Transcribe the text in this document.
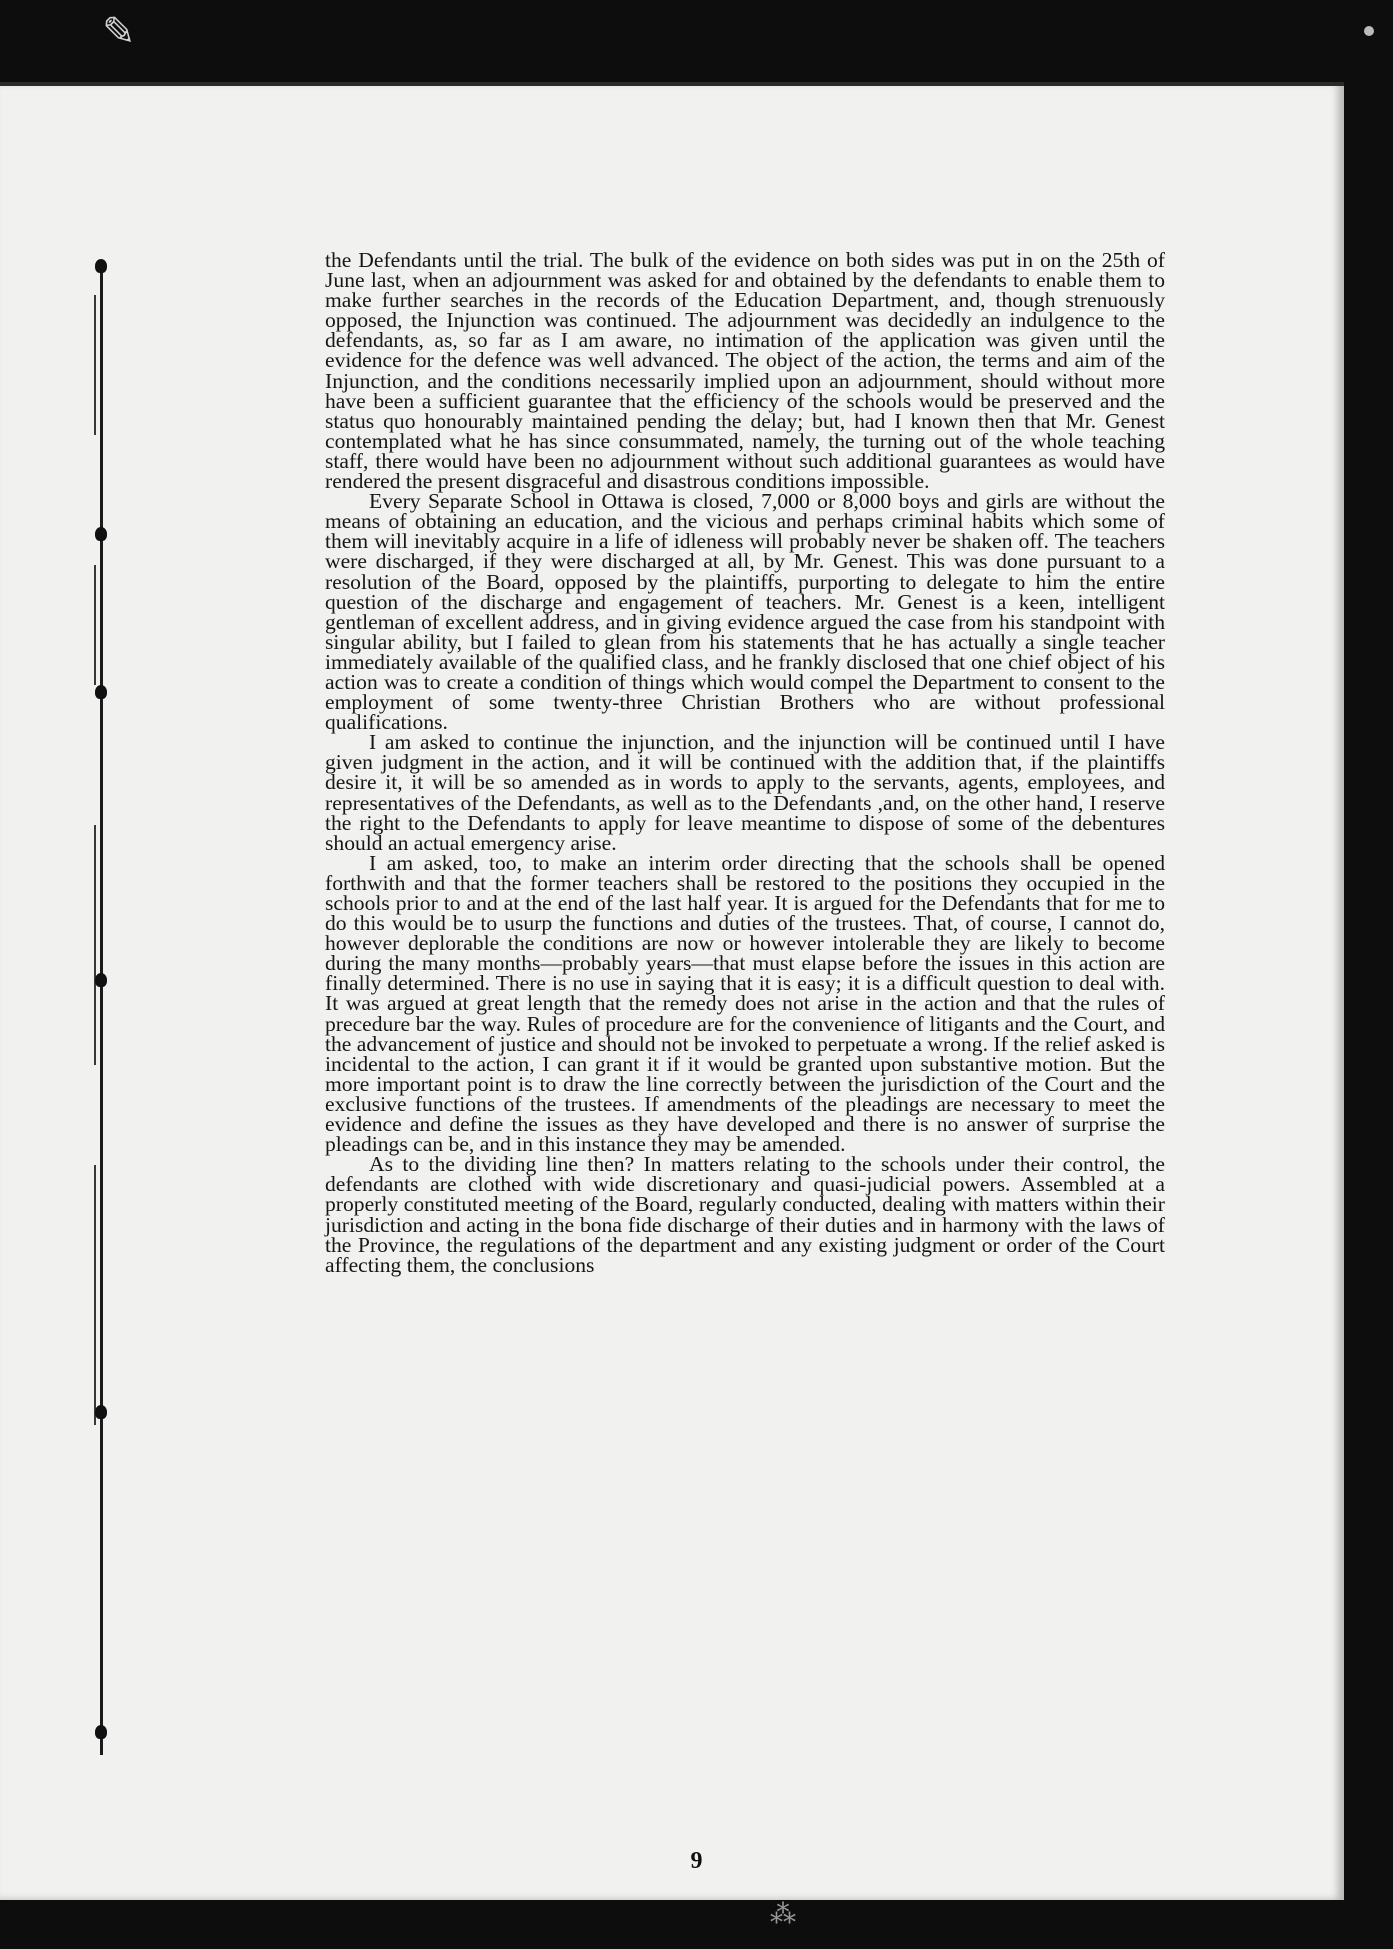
✎

the Defendants until the trial. The bulk of the evidence on both sides was put in on the 25th of June last, when an adjournment was asked for and obtained by the defendants to enable them to make further searches in the records of the Education Department, and, though strenuously opposed, the Injunction was continued. The adjournment was decidedly an indulgence to the defendants, as, so far as I am aware, no intimation of the application was given until the evidence for the defence was well advanced. The object of the action, the terms and aim of the Injunction, and the conditions necessarily implied upon an adjournment, should without more have been a sufficient guarantee that the efficiency of the schools would be preserved and the status quo honourably maintained pending the delay; but, had I known then that Mr. Genest contemplated what he has since consummated, namely, the turning out of the whole teaching staff, there would have been no adjournment without such additional guarantees as would have rendered the present disgraceful and disastrous conditions impossible.

Every Separate School in Ottawa is closed, 7,000 or 8,000 boys and girls are without the means of obtaining an education, and the vicious and perhaps criminal habits which some of them will inevitably acquire in a life of idleness will probably never be shaken off. The teachers were discharged, if they were discharged at all, by Mr. Genest. This was done pursuant to a resolution of the Board, opposed by the plaintiffs, purporting to delegate to him the entire question of the discharge and engagement of teachers. Mr. Genest is a keen, intelligent gentleman of excellent address, and in giving evidence argued the case from his standpoint with singular ability, but I failed to glean from his statements that he has actually a single teacher immediately available of the qualified class, and he frankly disclosed that one chief object of his action was to create a condition of things which would compel the Department to consent to the employment of some twenty-three Christian Brothers who are without professional qualifications.

I am asked to continue the injunction, and the injunction will be continued until I have given judgment in the action, and it will be continued with the addition that, if the plaintiffs desire it, it will be so amended as in words to apply to the servants, agents, employees, and representatives of the Defendants, as well as to the Defendants ,and, on the other hand, I reserve the right to the Defendants to apply for leave meantime to dispose of some of the debentures should an actual emergency arise.

I am asked, too, to make an interim order directing that the schools shall be opened forthwith and that the former teachers shall be restored to the positions they occupied in the schools prior to and at the end of the last half year. It is argued for the Defendants that for me to do this would be to usurp the functions and duties of the trustees. That, of course, I cannot do, however deplorable the conditions are now or however intolerable they are likely to become during the many months—probably years—that must elapse before the issues in this action are finally determined. There is no use in saying that it is easy; it is a difficult question to deal with. It was argued at great length that the remedy does not arise in the action and that the rules of precedure bar the way. Rules of procedure are for the convenience of litigants and the Court, and the advancement of justice and should not be invoked to perpetuate a wrong. If the relief asked is incidental to the action, I can grant it if it would be granted upon substantive motion. But the more important point is to draw the line correctly between the jurisdiction of the Court and the exclusive functions of the trustees. If amendments of the pleadings are necessary to meet the evidence and define the issues as they have developed and there is no answer of surprise the pleadings can be, and in this instance they may be amended.

As to the dividing line then? In matters relating to the schools under their control, the defendants are clothed with wide discretionary and quasi-judicial powers. Assembled at a properly constituted meeting of the Board, regularly conducted, dealing with matters within their jurisdiction and acting in the bona fide discharge of their duties and in harmony with the laws of the Province, the regulations of the department and any existing judgment or order of the Court affecting them, the conclusions

9
⁂
